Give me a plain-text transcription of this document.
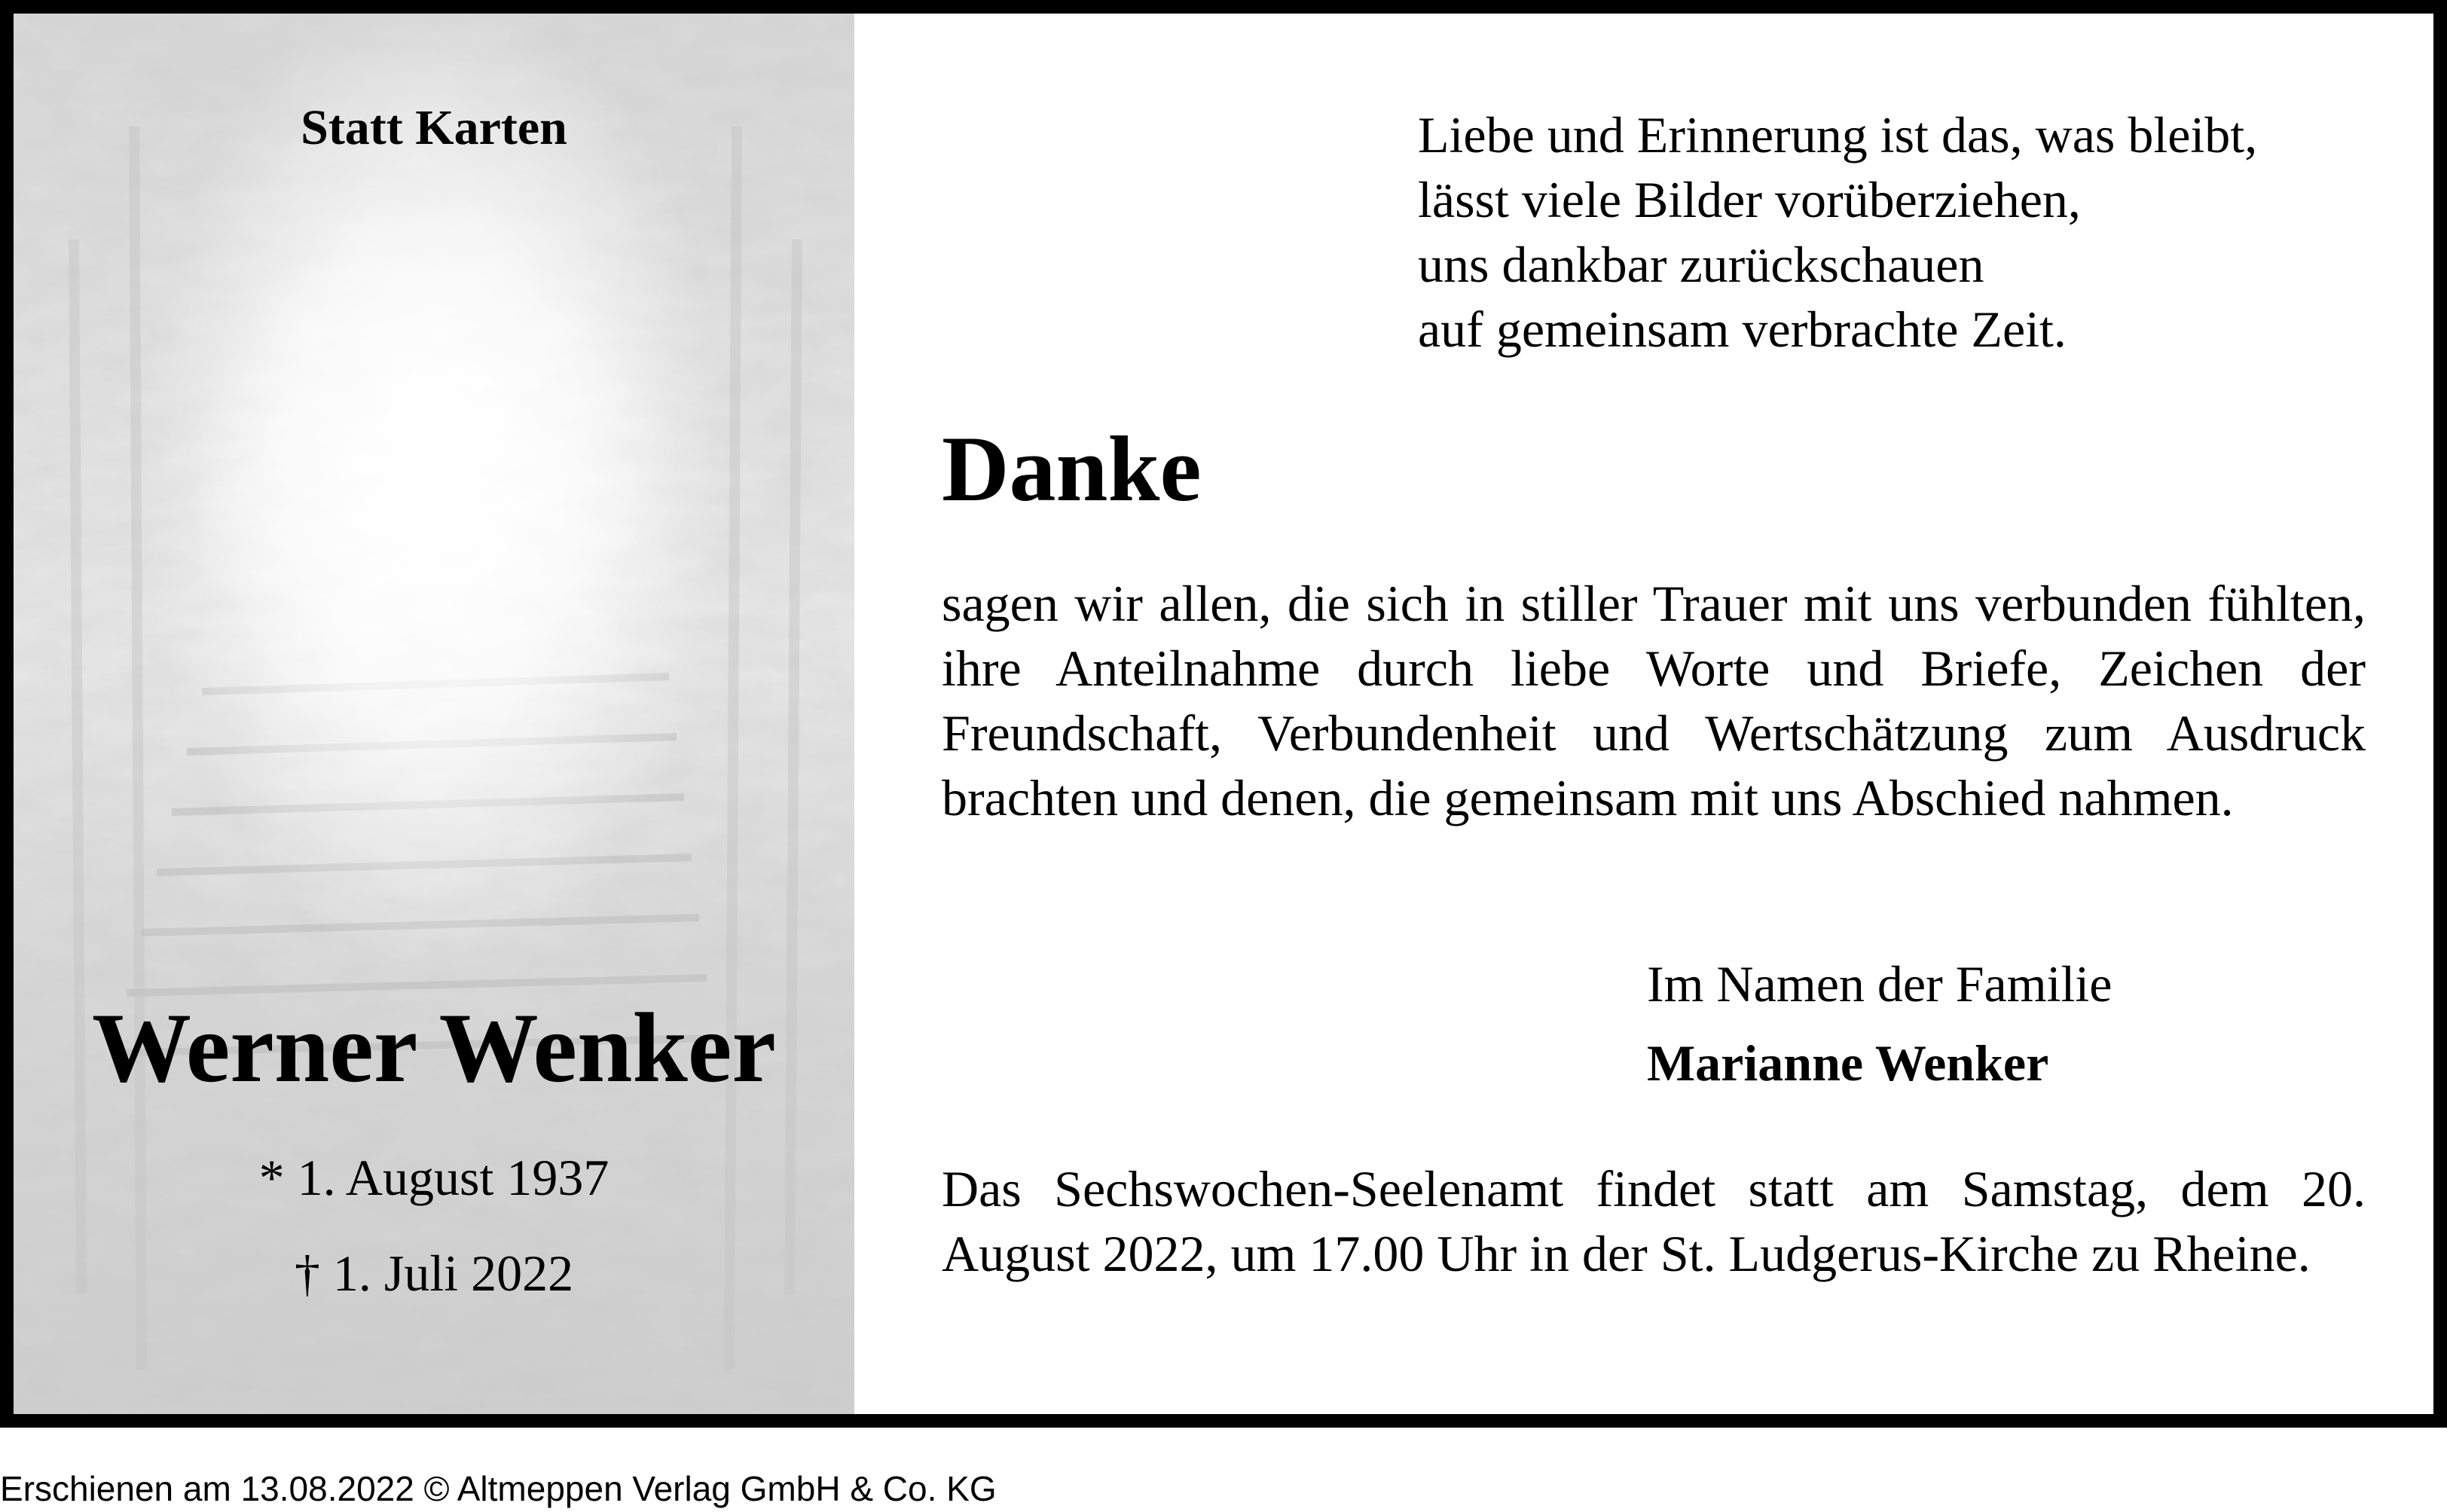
Statt Karten
Werner Wenker
* 1. August 1937
† 1. Juli 2022
Liebe und Erinnerung ist das, was bleibt,
lässt viele Bilder vorüberziehen,
uns dankbar zurückschauen
auf gemeinsam verbrachte Zeit.
Danke
sagen wir allen, die sich in stiller Trauer mit uns verbunden fühlten, ihre Anteilnahme durch liebe Worte und Briefe, Zeichen der Freundschaft, Verbundenheit und Wertschätzung zum Ausdruck brachten und denen, die gemeinsam mit uns Abschied nahmen.
Im Namen der Familie
Marianne Wenker
Das Sechswochen-Seelenamt findet statt am Samstag, dem 20. August 2022, um 17.00 Uhr in der St. Ludgerus-Kirche zu Rheine.
Erschienen am 13.08.2022 © Altmeppen Verlag GmbH & Co. KG
